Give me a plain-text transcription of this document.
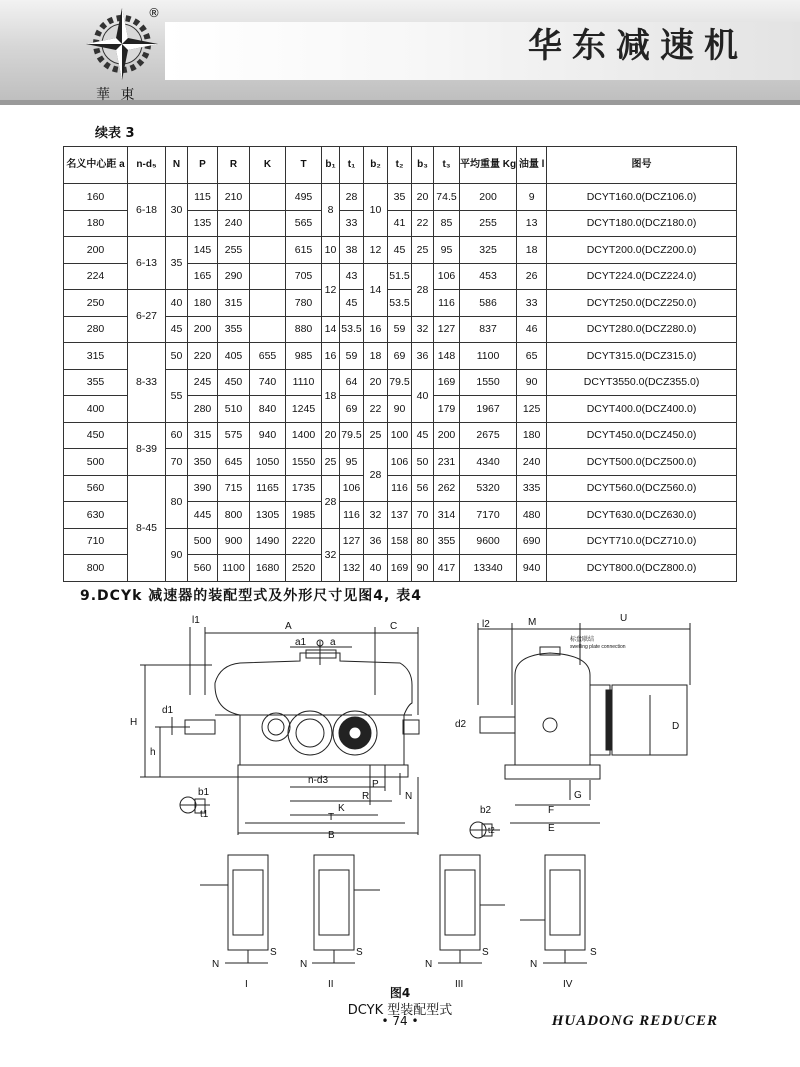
®
華 東
华东减速机
续表 3
名义中心距 a	n-d₅	N	P	R	K	T	b₁	t₁	b₂	t₂	b₃	t₃	平均重量 Kg	油量 l	图号
160	6-18	30	115	210		495	8	28	10	35	20	74.5	200	9	DCYT160.0(DCZ106.0)
180			135	240		565		33		41	22	85	255	13	DCYT180.0(DCZ180.0)
200	6-13	35	145	255		615	10	38	12	45	25	95	325	18	DCYT200.0(DCZ200.0)
224			165	290		705	12	43	14	51.5	28	106	453	26	DCYT224.0(DCZ224.0)
250	6-27	40	180	315		780		45		53.5		116	586	33	DCYT250.0(DCZ250.0)
280		45	200	355		880	14	53.5	16	59	32	127	837	46	DCYT280.0(DCZ280.0)
315	8-33	50	220	405	655	985	16	59	18	69	36	148	1100	65	DCYT315.0(DCZ315.0)
355		55	245	450	740	1110	18	64	20	79.5	40	169	1550	90	DCYT3550.0(DCZ355.0)
400			280	510	840	1245		69	22	90		179	1967	125	DCYT400.0(DCZ400.0)
450	8-39	60	315	575	940	1400	20	79.5	25	100	45	200	2675	180	DCYT450.0(DCZ450.0)
500		70	350	645	1050	1550	25	95	28	106	50	231	4340	240	DCYT500.0(DCZ500.0)
560	8-45	80	390	715	1165	1735	28	106		116	56	262	5320	335	DCYT560.0(DCZ560.0)
630			445	800	1305	1985		116	32	137	70	314	7170	480	DCYT630.0(DCZ630.0)
710		90	500	900	1490	2220	32	127	36	158	80	355	9600	690	DCYT710.0(DCZ710.0)
800			560	1100	1680	2520		132	40	169	90	417	13340	940	DCYT800.0(DCZ800.0)
9.DCYk 减速器的装配型式及外形尺寸见图4, 表4
l1
A	C
a1 a
H
d1
h
n-d3	P
R
K
N
T
B
b1
t1
l2	M	U
d2	D
F
G
E
b2
t2
标盘联结
swelling plate connection
S
N
S
N
S
N
S
N
I	II	III	IV
图4
DCYK 型装配型式
• 74 •	HUADONG REDUCER
